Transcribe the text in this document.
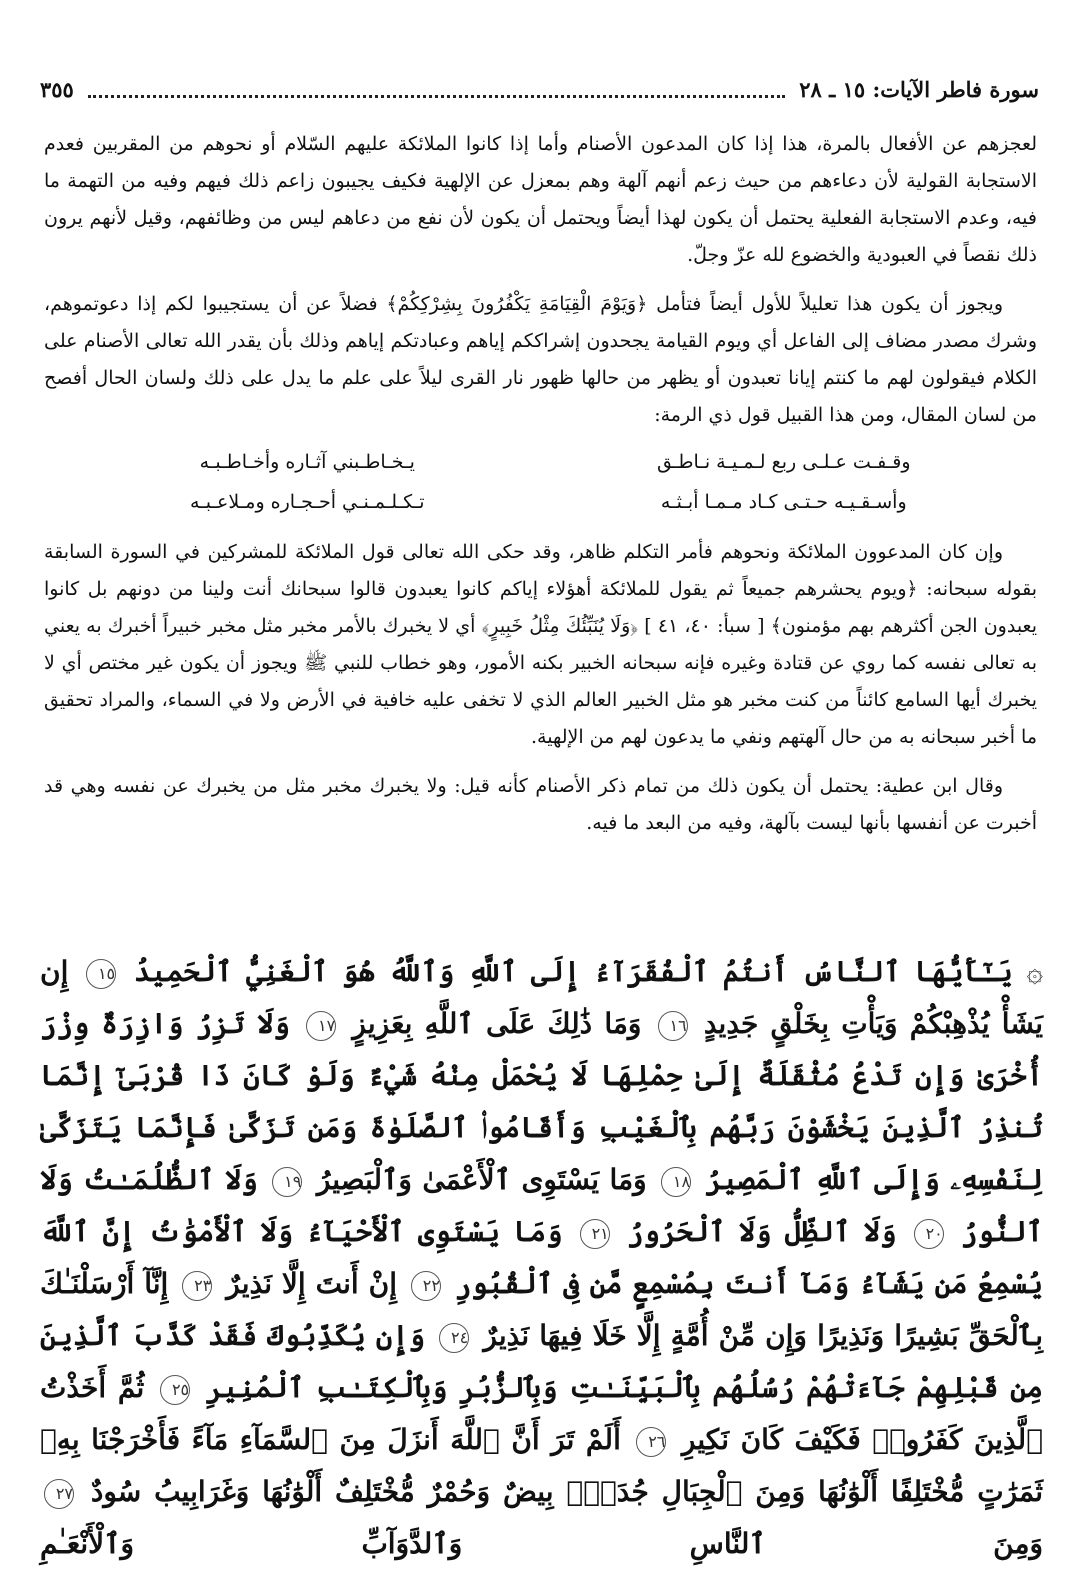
سورة فاطر الآيات: ١٥ ـ ٢٨
٣٥٥

لعجزهم عن الأفعال بالمرة، هذا إذا كان المدعون الأصنام وأما إذا كانوا الملائكة عليهم السّلام أو نحوهم من المقربين فعدم الاستجابة القولية لأن دعاءهم من حيث زعم أنهم آلهة وهم بمعزل عن الإلهية فكيف يجيبون زاعم ذلك فيهم وفيه من التهمة ما فيه، وعدم الاستجابة الفعلية يحتمل أن يكون لهذا أيضاً ويحتمل أن يكون لأن نفع من دعاهم ليس من وظائفهم، وقيل لأنهم يرون ذلك نقصاً في العبودية والخضوع لله عزّ وجلّ.

ويجوز أن يكون هذا تعليلاً للأول أيضاً فتأمل ﴿وَيَوْمَ الْقِيَامَةِ يَكْفُرُونَ بِشِرْكِكُمْ﴾ فضلاً عن أن يستجيبوا لكم إذا دعوتموهم، وشرك مصدر مضاف إلى الفاعل أي ويوم القيامة يجحدون إشراككم إياهم وعبادتكم إياهم وذلك بأن يقدر الله تعالى الأصنام على الكلام فيقولون لهم ما كنتم إيانا تعبدون أو يظهر من حالها ظهور نار القرى ليلاً على علم ما يدل على ذلك ولسان الحال أفصح من لسان المقال، ومن هذا القبيل قول ذي الرمة:

وقـفـت عـلـى ربع لـمـيـة نـاطـق
يـخـاطـبني آثـاره وأخـاطـبـه
وأسـقـيـه حـتـى كـاد مـمـا أبـثـه
تـكـلـمـنـي أحـجـاره ومـلاعـبـه

وإن كان المدعوون الملائكة ونحوهم فأمر التكلم ظاهر، وقد حكى الله تعالى قول الملائكة للمشركين في السورة السابقة بقوله سبحانه: ﴿ويوم يحشرهم جميعاً ثم يقول للملائكة أهؤلاء إياكم كانوا يعبدون قالوا سبحانك أنت ولينا من دونهم بل كانوا يعبدون الجن أكثرهم بهم مؤمنون﴾ [ سبأ: ٤٠، ٤١ ] ﴿وَلَا يُنَبِّئُكَ مِثْلُ خَبِيرٍ﴾ أي لا يخبرك بالأمر مخبر مثل مخبر خبيراً أخبرك به يعني به تعالى نفسه كما روي عن قتادة وغيره فإنه سبحانه الخبير بكنه الأمور، وهو خطاب للنبي ﷺ ويجوز أن يكون غير مختص أي لا يخبرك أيها السامع كائناً من كنت مخبر هو مثل الخبير العالم الذي لا تخفى عليه خافية في الأرض ولا في السماء، والمراد تحقيق ما أخبر سبحانه به من حال آلهتهم ونفي ما يدعون لهم من الإلهية.

وقال ابن عطية: يحتمل أن يكون ذلك من تمام ذكر الأصنام كأنه قيل: ولا يخبرك مخبر مثل من يخبرك عن نفسه وهي قد أخبرت عن أنفسها بأنها ليست بآلهة، وفيه من البعد ما فيه.

۞ يَـٰٓأَيُّهَا ٱلنَّاسُ أَنتُمُ ٱلْفُقَرَآءُ إِلَى ٱللَّهِ وَٱللَّهُ هُوَ ٱلْغَنِيُّ ٱلْحَمِيدُ ١٥ إِن يَشَأْ يُذْهِبْكُمْ وَيَأْتِ بِخَلْقٍ جَدِيدٍ ١٦ وَمَا ذَٰلِكَ عَلَى ٱللَّهِ بِعَزِيزٍ ١٧ وَلَا تَزِرُ وَازِرَةٌ وِزْرَ أُخْرَىٰ وَإِن تَدْعُ مُثْقَلَةٌ إِلَىٰ حِمْلِهَا لَا يُحْمَلْ مِنْهُ شَيْءٌ وَلَوْ كَانَ ذَا قُرْبَىٰٓ إِنَّمَا تُنذِرُ ٱلَّذِينَ يَخْشَوْنَ رَبَّهُم بِٱلْغَيْبِ وَأَقَامُوا۟ ٱلصَّلَوٰةَ وَمَن تَزَكَّىٰ فَإِنَّمَا يَتَزَكَّىٰ لِنَفْسِهِۦ وَإِلَى ٱللَّهِ ٱلْمَصِيرُ ١٨ وَمَا يَسْتَوِى ٱلْأَعْمَىٰ وَٱلْبَصِيرُ ١٩ وَلَا ٱلظُّلُمَـٰتُ وَلَا ٱلنُّورُ ٢٠ وَلَا ٱلظِّلُّ وَلَا ٱلْحَرُورُ ٢١ وَمَا يَسْتَوِى ٱلْأَحْيَآءُ وَلَا ٱلْأَمْوَٰتُ إِنَّ ٱللَّهَ يُسْمِعُ مَن يَشَآءُ وَمَآ أَنتَ بِمُسْمِعٍ مَّن فِى ٱلْقُبُورِ ٢٢ إِنْ أَنتَ إِلَّا نَذِيرٌ ٢٣ إِنَّآ أَرْسَلْنَـٰكَ بِٱلْحَقِّ بَشِيرًا وَنَذِيرًا وَإِن مِّنْ أُمَّةٍ إِلَّا خَلَا فِيهَا نَذِيرٌ ٢٤ وَإِن يُكَذِّبُوكَ فَقَدْ كَذَّبَ ٱلَّذِينَ مِن قَبْلِهِمْ جَآءَتْهُمْ رُسُلُهُم بِٱلْبَيِّنَـٰتِ وَبِٱلزُّبُرِ وَبِٱلْكِتَـٰبِ ٱلْمُنِيرِ ٢٥ ثُمَّ أَخَذْتُ ٱلَّذِينَ كَفَرُوا۟ فَكَيْفَ كَانَ نَكِيرِ ٢٦ أَلَمْ تَرَ أَنَّ ٱللَّهَ أَنزَلَ مِنَ ٱلسَّمَآءِ مَآءً فَأَخْرَجْنَا بِهِۦ ثَمَرَٰتٍ مُّخْتَلِفًا أَلْوَٰنُهَا وَمِنَ ٱلْجِبَالِ جُدَدٌۢ بِيضٌ وَحُمْرٌ مُّخْتَلِفٌ أَلْوَٰنُهَا وَغَرَابِيبُ سُودٌ ٢٧ وَمِنَ ٱلنَّاسِ وَٱلدَّوَآبِّ وَٱلْأَنْعَـٰمِ
